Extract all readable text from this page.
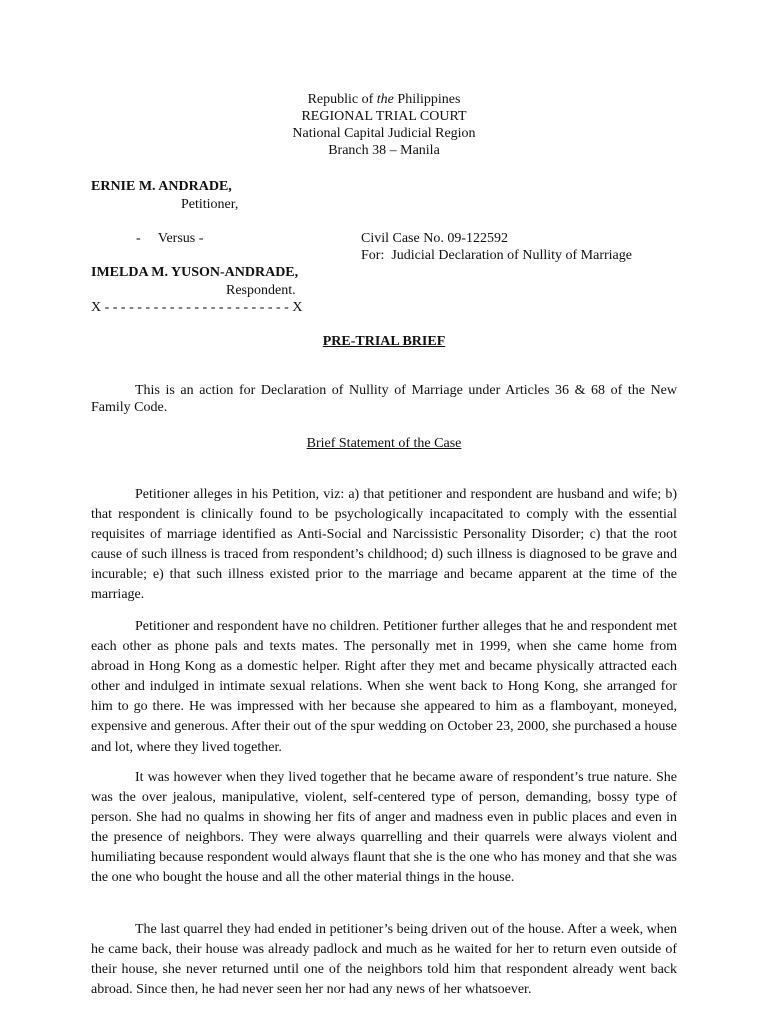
Republic of the Philippines
REGIONAL TRIAL COURT
National Capital Judicial Region
Branch 38 – Manila
ERNIE M. ANDRADE,
Petitioner,
-     Versus -	Civil Case No. 09-122592
For:  Judicial Declaration of Nullity of Marriage
IMELDA M. YUSON-ANDRADE,
Respondent.
X - - - - - - - - - - - - - - - - - - - - - - - X
PRE-TRIAL BRIEF
This is an action for Declaration of Nullity of Marriage under Articles 36 & 68 of the New Family Code.
Brief Statement of the Case
Petitioner alleges in his Petition, viz: a) that petitioner and respondent are husband and wife; b) that respondent is clinically found to be psychologically incapacitated to comply with the essential requisites of marriage identified as Anti-Social and Narcissistic Personality Disorder; c) that the root cause of such illness is traced from respondent’s childhood; d) such illness is diagnosed to be grave and incurable; e) that such illness existed prior to the marriage and became apparent at the time of the marriage.
Petitioner and respondent have no children. Petitioner further alleges that he and respondent met each other as phone pals and texts mates. The personally met in 1999, when she came home from abroad in Hong Kong as a domestic helper. Right after they met and became physically attracted each other and indulged in intimate sexual relations. When she went back to Hong Kong, she arranged for him to go there. He was impressed with her because she appeared to him as a flamboyant, moneyed, expensive and generous. After their out of the spur wedding on October 23, 2000, she purchased a house and lot, where they lived together.
It was however when they lived together that he became aware of respondent’s true nature. She was the over jealous, manipulative, violent, self-centered type of person, demanding, bossy type of person. She had no qualms in showing her fits of anger and madness even in public places and even in the presence of neighbors. They were always quarrelling and their quarrels were always violent and humiliating because respondent would always flaunt that she is the one who has money and that she was the one who bought the house and all the other material things in the house.
The last quarrel they had ended in petitioner’s being driven out of the house. After a week, when he came back, their house was already padlock and much as he waited for her to return even outside of their house, she never returned until one of the neighbors told him that respondent already went back abroad. Since then, he had never seen her nor had any news of her whatsoever.
